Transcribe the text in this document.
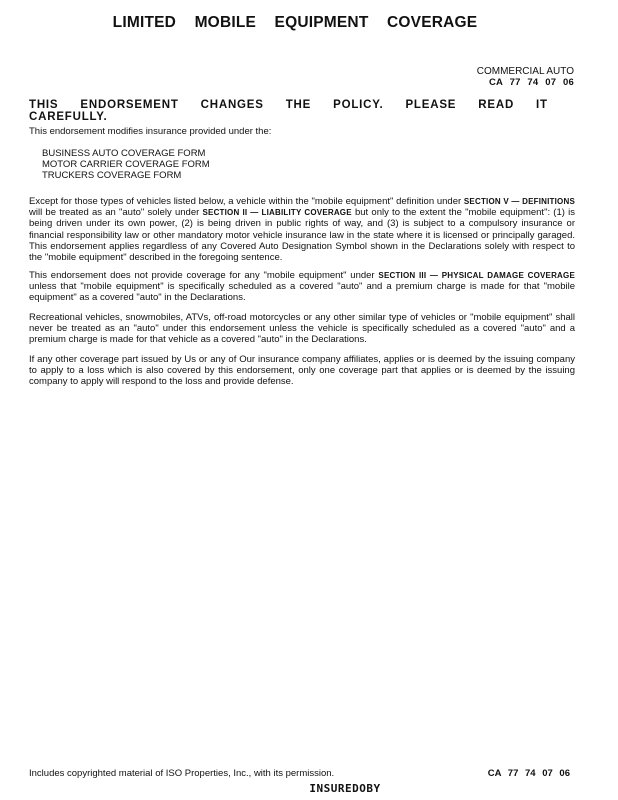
LIMITED MOBILE EQUIPMENT COVERAGE
COMMERCIAL AUTO
CA 77 74 07 06
THIS ENDORSEMENT CHANGES THE POLICY. PLEASE READ IT CAREFULLY.
This endorsement modifies insurance provided under the:
BUSINESS AUTO COVERAGE FORM
MOTOR CARRIER COVERAGE FORM
TRUCKERS COVERAGE FORM
Except for those types of vehicles listed below, a vehicle within the "mobile equipment" definition under SECTION V — DEFINITIONS will be treated as an "auto" solely under SECTION II — LIABILITY COVERAGE but only to the extent the "mobile equipment": (1) is being driven under its own power, (2) is being driven in public rights of way, and (3) is subject to a compulsory insurance or financial responsibility law or other mandatory motor vehicle insurance law in the state where it is licensed or principally garaged. This endorsement applies regardless of any Covered Auto Designation Symbol shown in the Declarations solely with respect to the "mobile equipment" described in the foregoing sentence.
This endorsement does not provide coverage for any "mobile equipment" under SECTION III — PHYSICAL DAMAGE COVERAGE unless that "mobile equipment" is specifically scheduled as a covered "auto" and a premium charge is made for that "mobile equipment" as a covered "auto" in the Declarations.
Recreational vehicles, snowmobiles, ATVs, off-road motorcycles or any other similar type of vehicles or "mobile equipment" shall never be treated as an "auto" under this endorsement unless the vehicle is specifically scheduled as a covered "auto" and a premium charge is made for that vehicle as a covered "auto" in the Declarations.
If any other coverage part issued by Us or any of Our insurance company affiliates, applies or is deemed by the issuing company to apply to a loss which is also covered by this endorsement, only one coverage part that applies or is deemed by the issuing company to apply will respond to the loss and provide defense.
Includes copyrighted material of ISO Properties, Inc., with its permission.	CA 77 74 07 06
INSUREDOBY
